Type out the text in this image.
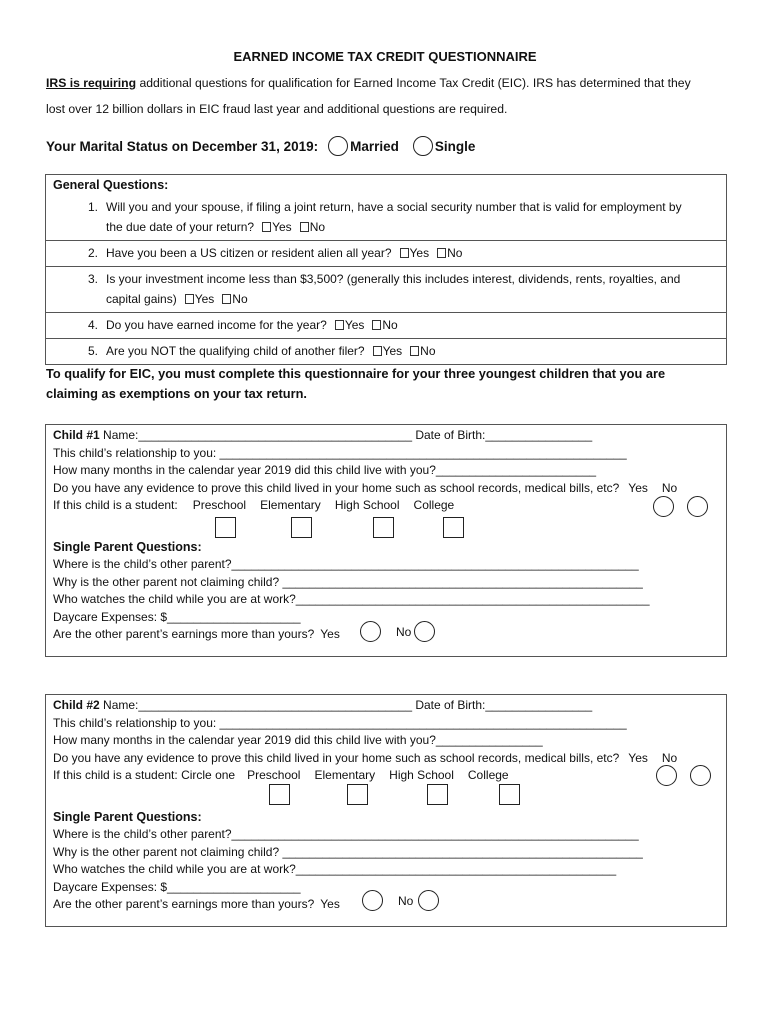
EARNED INCOME TAX CREDIT QUESTIONNAIRE
IRS is requiring additional questions for qualification for Earned Income Tax Credit (EIC). IRS has determined that they
lost over 12 billion dollars in EIC fraud last year and additional questions are required.
Your Marital Status on December 31, 2019: Married	Single
General Questions:
1. Will you and your spouse, if filing a joint return, have a social security number that is valid for employment by
the due date of your return? Yes No
2. Have you been a US citizen or resident alien all year? Yes No
3. Is your investment income less than $3,500? (generally this includes interest, dividends, rents, royalties, and
capital gains) Yes No
4. Do you have earned income for the year? Yes No
5. Are you NOT the qualifying child of another filer? Yes No
To qualify for EIC, you must complete this questionnaire for your three youngest children that you are
claiming as exemptions on your tax return.
Child #1 Name:_________________________________________ Date of Birth:________________
This child’s relationship to you: _____________________________________________________________
How many months in the calendar year 2019 did this child live with you?________________________
Do you have any evidence to prove this child lived in your home such as school records, medical bills, etc? Yes No
If this child is a student: Preschool Elementary High School College
Single Parent Questions:
Where is the child’s other parent?_____________________________________________________________
Why is the other parent not claiming child? ______________________________________________________
Who watches the child while you are at work?_____________________________________________________
Daycare Expenses: $____________________
Are the other parent’s earnings more than yours? Yes	No
Child #2 Name:_________________________________________ Date of Birth:________________
This child’s relationship to you: _____________________________________________________________
How many months in the calendar year 2019 did this child live with you?________________
Do you have any evidence to prove this child lived in your home such as school records, medical bills, etc? Yes No
If this child is a student: Circle one Preschool Elementary High School College
Single Parent Questions:
Where is the child’s other parent?_____________________________________________________________
Why is the other parent not claiming child? ______________________________________________________
Who watches the child while you are at work?________________________________________________
Daycare Expenses: $____________________
Are the other parent’s earnings more than yours? Yes	No
